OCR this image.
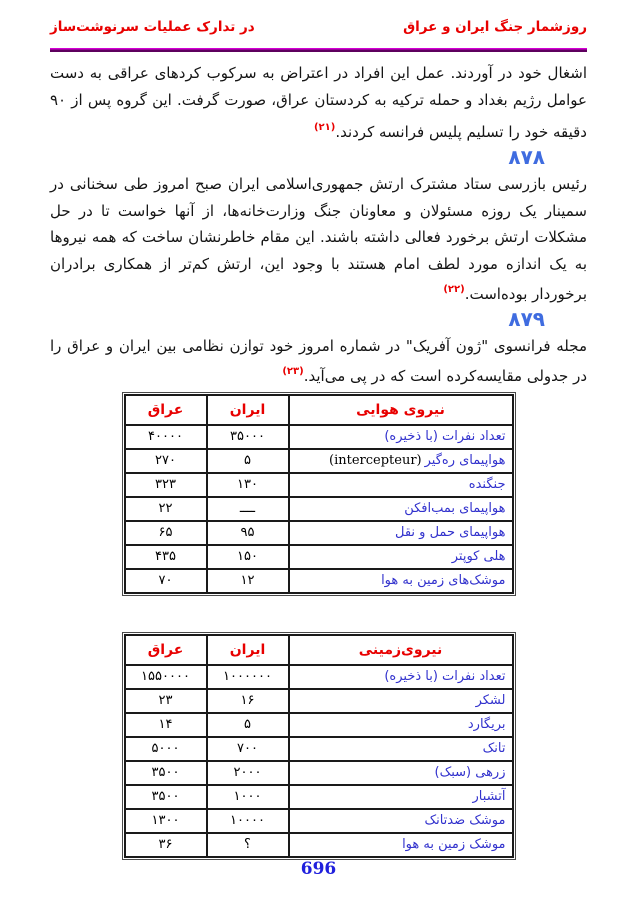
روزشمار جنگ ایران و عراق
در تدارک عملیات سرنوشت‌ساز

اشغال خود در آوردند. عمل این افراد در اعتراض به سرکوب کردهای عراقی به دست عوامل رژیم بغداد و حمله ترکیه به کردستان عراق، صورت گرفت. این گروه پس از ۹۰ دقیقه خود را تسلیم پلیس فرانسه کردند.$^{(۲۱)}$

۸۷۸

رئیس بازرسی ستاد مشترک ارتش جمهوری‌اسلامی ایران صبح امروز طی سخنانی در سمینار یک روزه مسئولان و معاونان جنگ وزارت‌خانه‌ها، از آنها خواست تا در حل مشکلات ارتش برخورد فعالی داشته باشند. این مقام خاطرنشان ساخت که همه نیروها به یک اندازه مورد لطف امام هستند با وجود این، ارتش کم‌تر از همکاری برادران برخوردار بوده‌است.$^{(۲۲)}$

۸۷۹

مجله فرانسوی "ژون آفریک" در شماره امروز خود توازن نظامی بین ایران و عراق را در جدولی مقایسه‌کرده است که در پی می‌آید.$^{(۲۳)}$

نیروی هوایی	ایران	عراق
تعداد نفرات (با ذخیره)	۳۵۰۰۰	۴۰۰۰۰
هواپیمای ره‌گیر(intercepteur)	۵	۲۷۰
جنگنده	۱۳۰	۳۲۳
هواپیمای بمب‌افکن	ــــ	۲۲
هواپیمای حمل و نقل	۹۵	۶۵
هلی کوپتر	۱۵۰	۴۳۵
موشک‌های زمین به هوا	۱۲	۷۰
نیروی‌زمینی	ایران	عراق
تعداد نفرات (با ذخیره)	۱۰۰۰۰۰۰	۱۵۵۰۰۰۰
لشکر	۱۶	۲۳
بریگارد	۵	۱۴
تانک	۷۰۰	۵۰۰۰
زرهی (سبک)	۲۰۰۰	۳۵۰۰
آتشبار	۱۰۰۰	۳۵۰۰
موشک ضدتانک	۱۰۰۰۰	۱۳۰۰
موشک زمین به هوا	؟	۳۶
696
